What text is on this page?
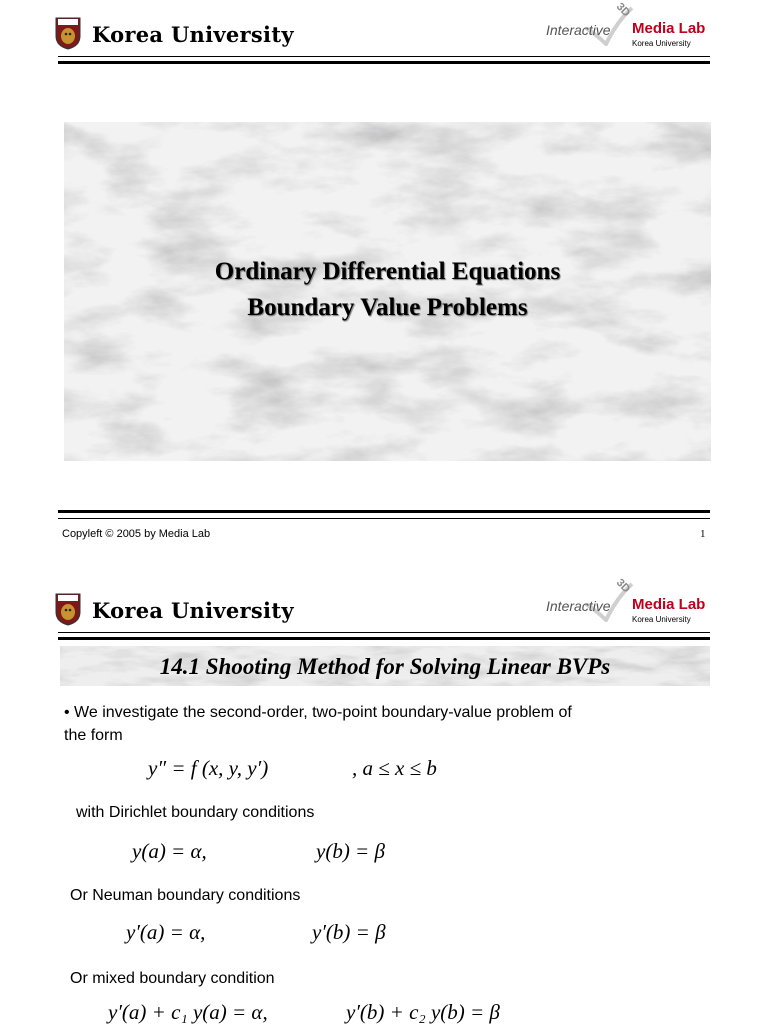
Korea University	Interactive
3D
Media Lab
Korea University
Ordinary Differential Equations
Boundary Value Problems
Copyleft © 2005 by Media Lab	1
Korea University	Interactive
3D
Media Lab
Korea University
14.1 Shooting Method for Solving Linear BVPs
• We investigate the second-order, two-point boundary-value problem of
the form
y″ = f (x, y, y′)	, a ≤ x ≤ b
with Dirichlet boundary conditions
y(a) = α,	y(b) = β
Or Neuman boundary conditions
y′(a) = α,	y′(b) = β
Or mixed boundary condition
y′(a) + c₁ y(a) = α,	y′(b) + c₂ y(b) = β
